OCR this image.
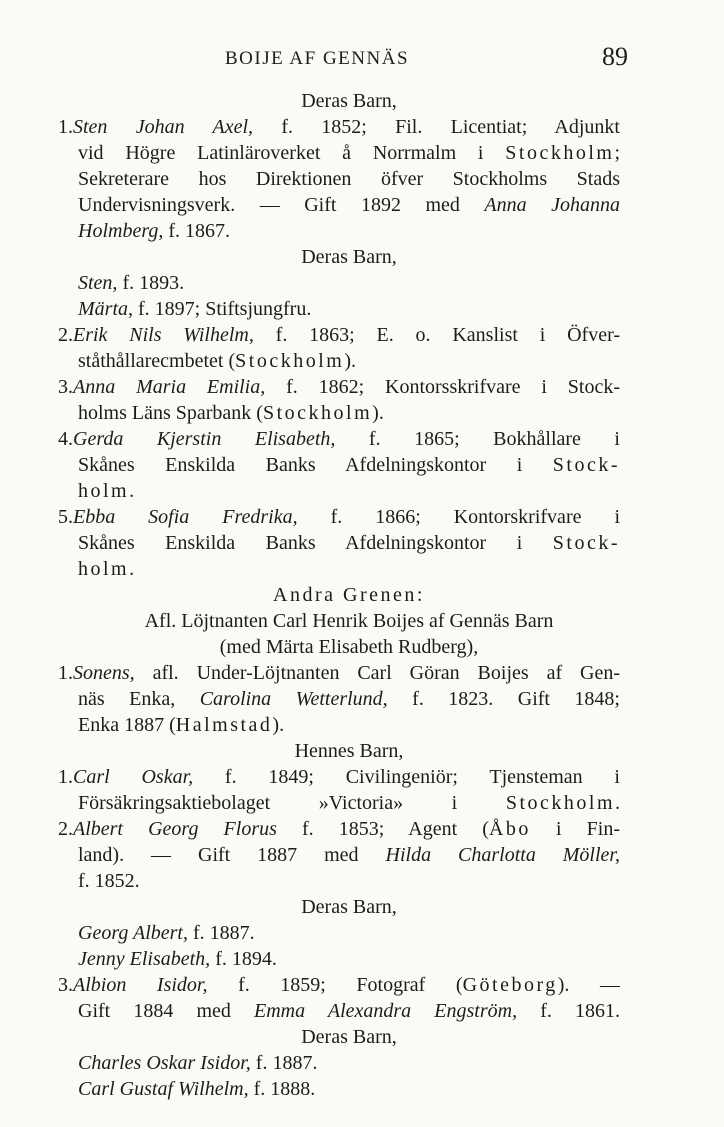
BOIJE AF GENNÄS	89
Deras Barn,
1.Sten Johan Axel, f. 1852; Fil. Licentiat; Adjunkt
vid Högre Latinläroverket å Norrmalm i Stockholm;
Sekreterare hos Direktionen öfver Stockholms Stads
Undervisningsverk. — Gift 1892 med Anna Johanna
Holmberg, f. 1867.
Deras Barn,
Sten, f. 1893.
Märta, f. 1897; Stiftsjungfru.
2.Erik Nils Wilhelm, f. 1863; E. o. Kanslist i Öfver-
ståthållarecmbetet (Stockholm).
3.Anna Maria Emilia, f. 1862; Kontorsskrifvare i Stock-
holms Läns Sparbank (Stockholm).
4.Gerda Kjerstin Elisabeth, f. 1865; Bokhållare i
Skånes Enskilda Banks Afdelningskontor i Stock-
holm.
5.Ebba Sofia Fredrika, f. 1866; Kontorskrifvare i
Skånes Enskilda Banks Afdelningskontor i Stock-
holm.
Andra Grenen:
Afl. Löjtnanten Carl Henrik Boijes af Gennäs Barn
(med Märta Elisabeth Rudberg),
1.Sonens, afl. Under-Löjtnanten Carl Göran Boijes af Gen-
näs Enka, Carolina Wetterlund, f. 1823. Gift 1848;
Enka 1887 (Halmstad).
Hennes Barn,
1.Carl Oskar, f. 1849; Civilingeniör; Tjensteman i
Försäkringsaktiebolaget »Victoria» i Stockholm.
2.Albert Georg Florus f. 1853; Agent (Åbo i Fin-
land). — Gift 1887 med Hilda Charlotta Möller,
f. 1852.
Deras Barn,
Georg Albert, f. 1887.
Jenny Elisabeth, f. 1894.
3.Albion Isidor, f. 1859; Fotograf (Göteborg). —
Gift 1884 med Emma Alexandra Engström, f. 1861.
Deras Barn,
Charles Oskar Isidor, f. 1887.
Carl Gustaf Wilhelm, f. 1888.
